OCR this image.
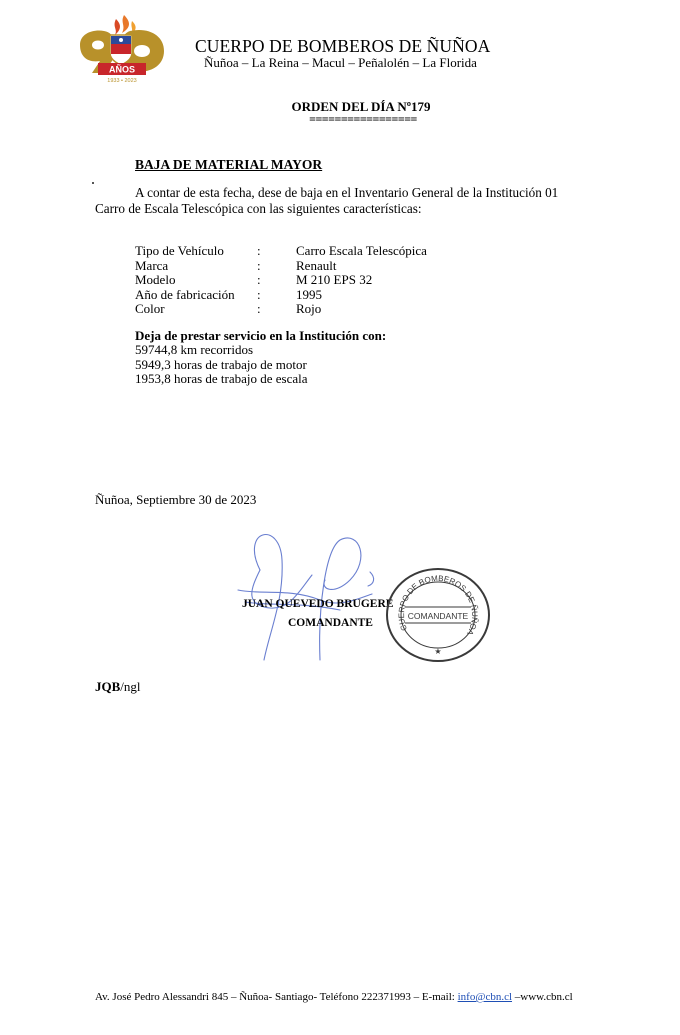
AÑOS
1933 • 2023
CUERPO DE BOMBEROS DE ÑUÑOA
Ñuñoa – La Reina – Macul – Peñalolén – La Florida
ORDEN DEL DÍA Nº179
=================
BAJA DE MATERIAL MAYOR
A contar de esta fecha, dese de baja en el Inventario General de la Institución 01 Carro de Escala Telescópica con las siguientes características:
Tipo de Vehículo	:	Carro Escala Telescópica
Marca	:	Renault
Modelo	:	M 210 EPS 32
Año de fabricación	:	1995
Color	:	Rojo
Deja de prestar servicio en la Institución con:
59744,8 km recorridos
5949,3 horas de trabajo de motor
1953,8 horas de trabajo de escala
Ñuñoa, Septiembre 30 de 2023
JUAN QUEVEDO BRUGERE
COMANDANTE	CUERPO DE BOMBEROS DE ÑUÑOA
COMANDANTE
★
JQB/ngl
Av. José Pedro Alessandri 845 – Ñuñoa- Santiago- Teléfono 222371993 – E-mail: info@cbn.cl –www.cbn.cl
